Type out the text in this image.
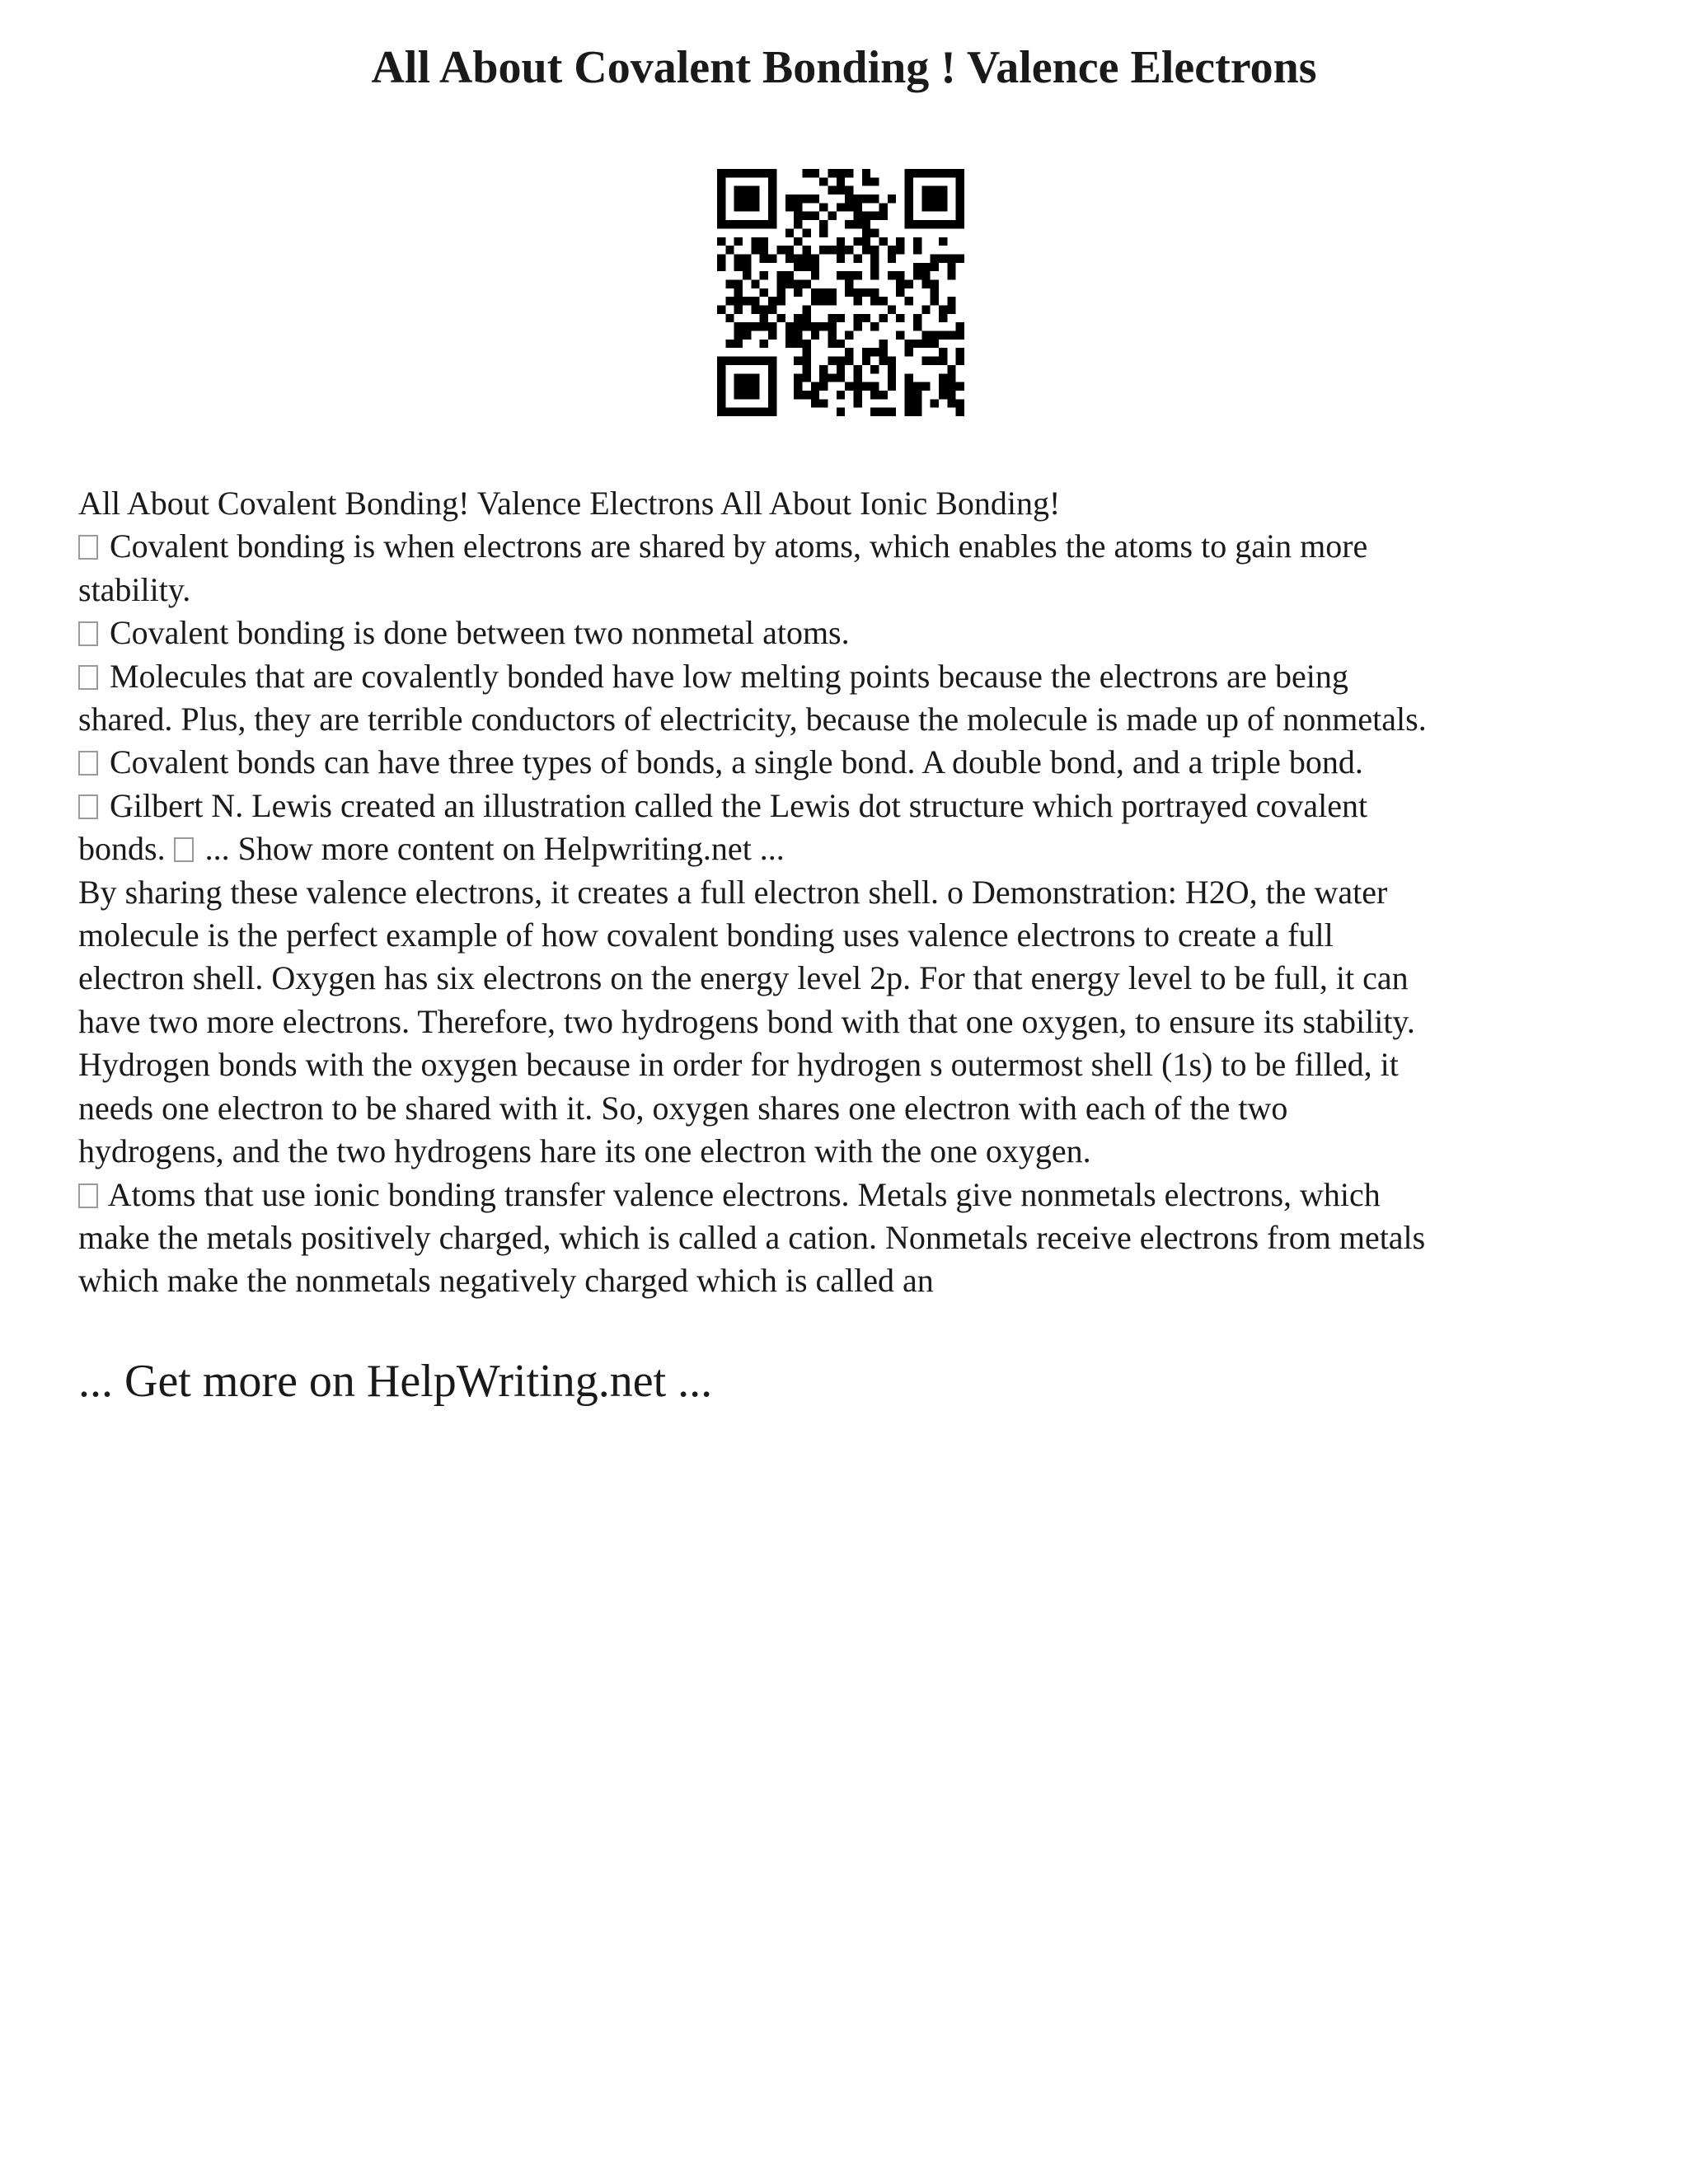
All About Covalent Bonding ! Valence Electrons
All About Covalent Bonding! Valence Electrons All About Ionic Bonding!
Covalent bonding is when electrons are shared by atoms, which enables the atoms to gain more
stability.
Covalent bonding is done between two nonmetal atoms.
Molecules that are covalently bonded have low melting points because the electrons are being
shared. Plus, they are terrible conductors of electricity, because the molecule is made up of nonmetals.
Covalent bonds can have three types of bonds, a single bond. A double bond, and a triple bond.
Gilbert N. Lewis created an illustration called the Lewis dot structure which portrayed covalent
bonds. ... Show more content on Helpwriting.net ...
By sharing these valence electrons, it creates a full electron shell. o Demonstration: H2O, the water
molecule is the perfect example of how covalent bonding uses valence electrons to create a full
electron shell. Oxygen has six electrons on the energy level 2p. For that energy level to be full, it can
have two more electrons. Therefore, two hydrogens bond with that one oxygen, to ensure its stability.
Hydrogen bonds with the oxygen because in order for hydrogen s outermost shell (1s) to be filled, it
needs one electron to be shared with it. So, oxygen shares one electron with each of the two
hydrogens, and the two hydrogens hare its one electron with the one oxygen.
Atoms that use ionic bonding transfer valence electrons. Metals give nonmetals electrons, which
make the metals positively charged, which is called a cation. Nonmetals receive electrons from metals
which make the nonmetals negatively charged which is called an
... Get more on HelpWriting.net ...
